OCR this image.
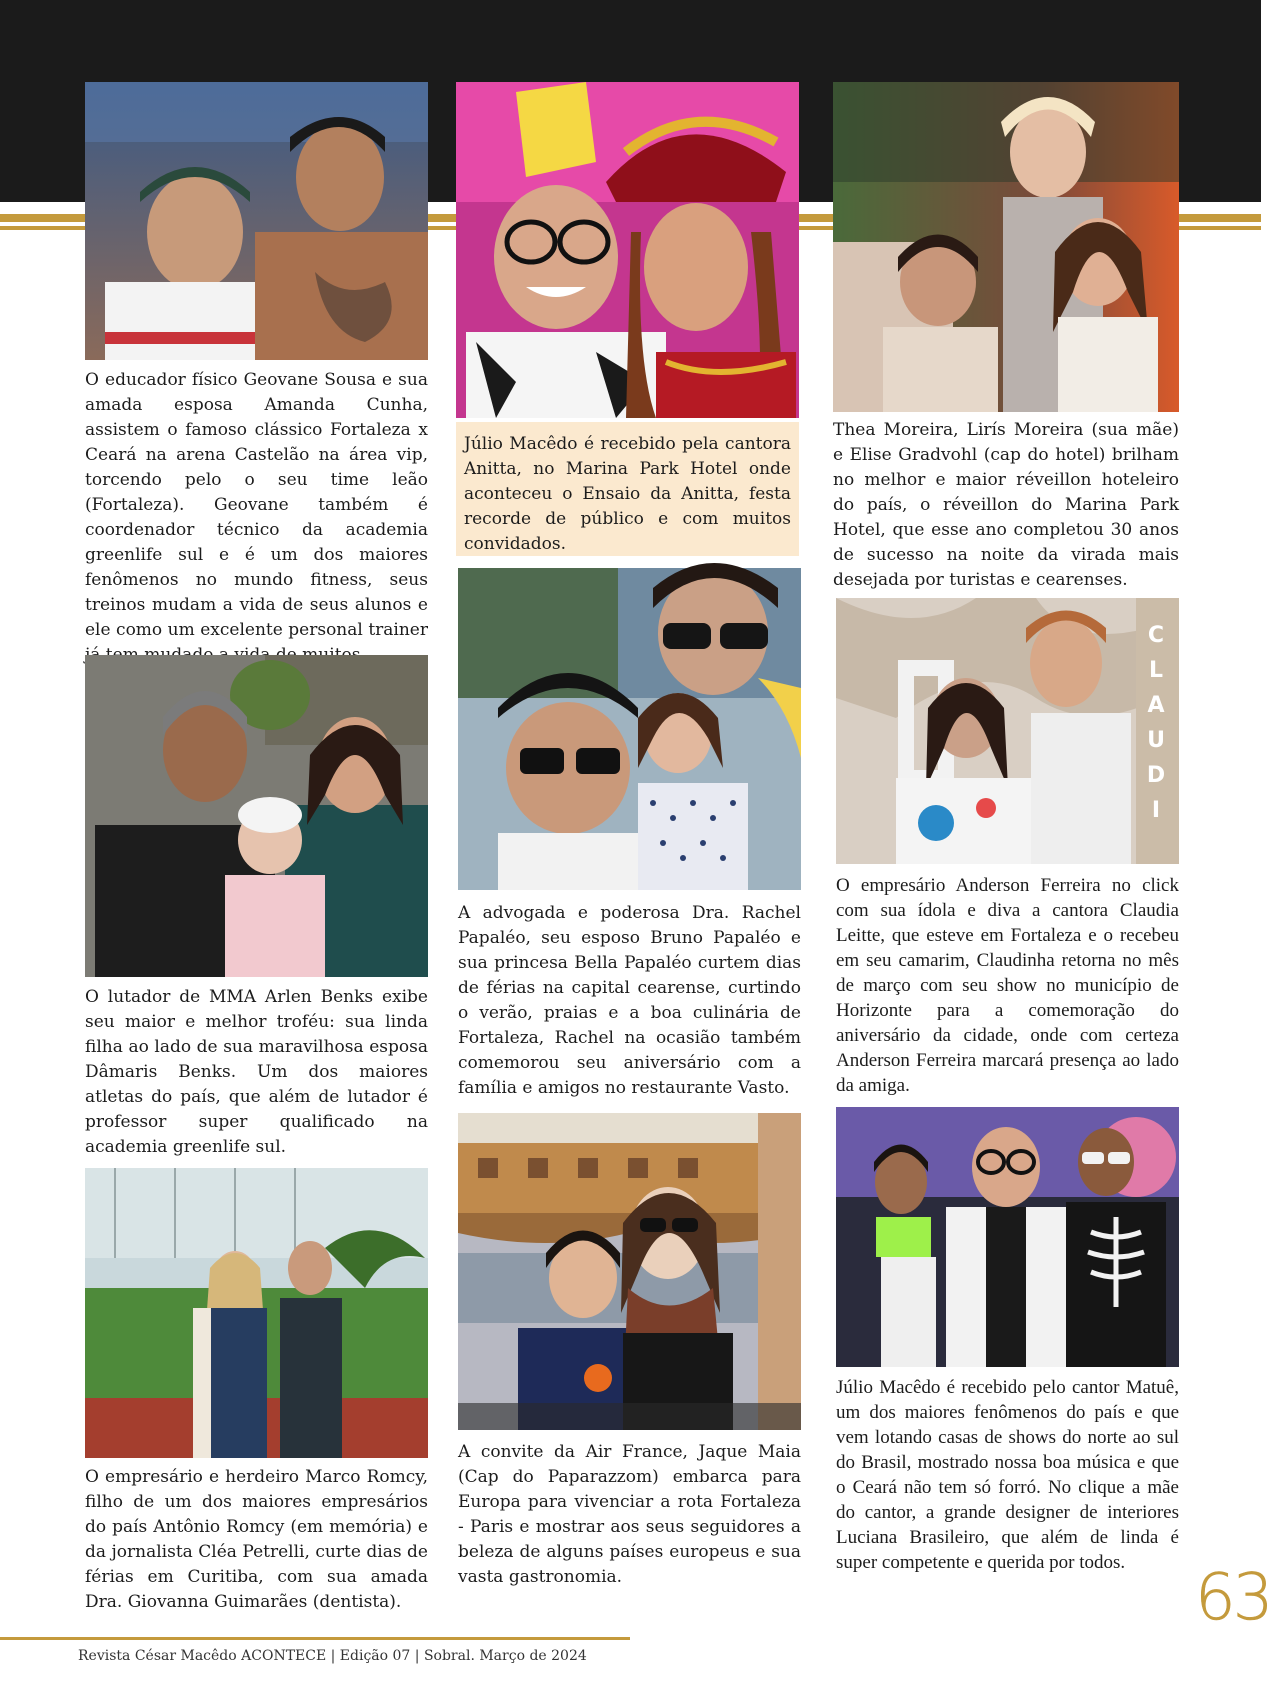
O educador físico Geovane Sousa e sua amada esposa Amanda Cunha, assistem o famoso clássico Fortaleza x Ceará na arena Castelão na área vip, torcendo pelo o seu time leão (Fortaleza). Geovane também é coordenador técnico da academia greenlife sul e é um dos maiores fenômenos no mundo fitness, seus treinos mudam a vida de seus alunos e ele como um excelente personal trainer

O lutador de MMA Arlen Benks exibe seu maior e melhor troféu: sua linda filha ao lado de sua maravilhosa esposa Dâmaris Benks. Um dos maiores atletas do país, que além de lutador é professor super qualificado na academia greenlife sul.

O empresário e herdeiro Marco Romcy, filho de um dos maiores empresários do país Antônio Romcy (em memória) e da jornalista Cléa Petrelli, curte dias de férias em Curitiba, com sua amada Dra. Giovanna Guimarães (dentista).

Júlio Macêdo é recebido pela cantora Anitta, no Marina Park Hotel onde aconteceu o Ensaio da Anitta, festa recorde de público e com muitos convidados.

A advogada e poderosa Dra. Rachel Papaléo, seu esposo Bruno Papaléo e sua princesa Bella Papaléo curtem dias de férias na capital cearense, curtindo o verão, praias e a boa culinária de Fortaleza, Rachel na ocasião também comemorou seu aniversário com a família e amigos no restaurante Vasto.

A convite da Air France, Jaque Maia (Cap do Paparazzom) embarca para Europa para vivenciar a rota Fortaleza - Paris e mostrar aos seus seguidores a beleza de alguns países europeus e sua vasta gastronomia.

Thea Moreira, Lirís Moreira (sua mãe) e Elise Gradvohl (cap do hotel) brilham no melhor e maior réveillon hoteleiro do país, o réveillon do Marina Park Hotel, que esse ano completou 30 anos de sucesso na noite da virada mais desejada por turistas e cearenses.

CLAUDI

O empresário Anderson Ferreira no click com sua ídola e diva a cantora Claudia Leitte, que esteve em Fortaleza e o recebeu em seu camarim, Claudinha retorna no mês de março com seu show no município de Horizonte para a comemoração do aniversário da cidade, onde com certeza Anderson Ferreira marcará presença ao lado da amiga.

Júlio Macêdo é recebido pelo cantor Matuê, um dos maiores fenômenos do país e que vem lotando casas de shows do norte ao sul do Brasil, mostrado nossa boa música e que o Ceará não tem só forró. No clique a mãe do cantor, a grande designer de interiores Luciana Brasileiro, que além de linda é super competente e querida por todos.	63
Revista César Macêdo ACONTECE | Edição 07 | Sobral. Março de 2024
